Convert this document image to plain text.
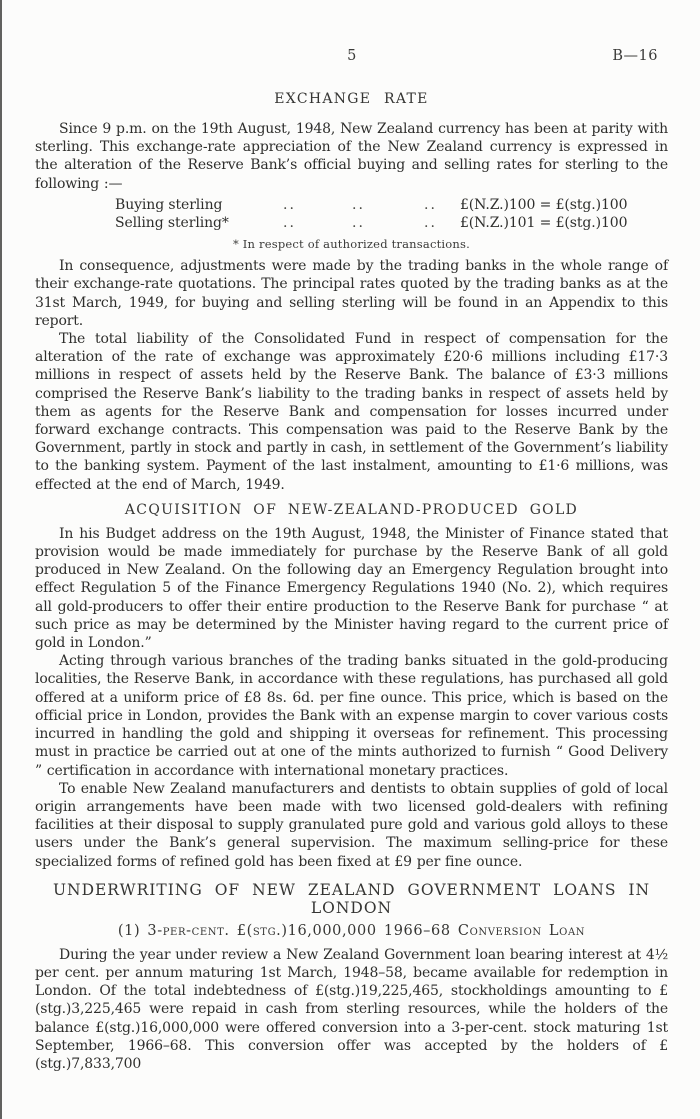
5	B—16
EXCHANGE RATE

Since 9 p.m. on the 19th August, 1948, New Zealand currency has been at parity with sterling. This exchange-rate appreciation of the New Zealand currency is expressed in the alteration of the Reserve Bank’s official buying and selling rates for sterling to the following :—

Buying sterling	..	..	..	£(N.Z.)100 = £(stg.)100
Selling sterling*	..	..	..	£(N.Z.)101 = £(stg.)100
* In respect of authorized transactions.

In consequence, adjustments were made by the trading banks in the whole range of their exchange-rate quotations. The principal rates quoted by the trading banks as at the 31st March, 1949, for buying and selling sterling will be found in an Appendix to this report.

The total liability of the Consolidated Fund in respect of compensation for the alteration of the rate of exchange was approximately £20·6 millions including £17·3 millions in respect of assets held by the Reserve Bank. The balance of £3·3 millions comprised the Reserve Bank’s liability to the trading banks in respect of assets held by them as agents for the Reserve Bank and compensation for losses incurred under forward exchange contracts. This compensation was paid to the Reserve Bank by the Government, partly in stock and partly in cash, in settlement of the Government’s liability to the banking system. Payment of the last instalment, amounting to £1·6 millions, was effected at the end of March, 1949.

ACQUISITION OF NEW-ZEALAND-PRODUCED GOLD

In his Budget address on the 19th August, 1948, the Minister of Finance stated that provision would be made immediately for purchase by the Reserve Bank of all gold produced in New Zealand. On the following day an Emergency Regulation brought into effect Regulation 5 of the Finance Emergency Regulations 1940 (No. 2), which requires all gold-producers to offer their entire production to the Reserve Bank for purchase “ at such price as may be determined by the Minister having regard to the current price of gold in London.”

Acting through various branches of the trading banks situated in the gold-producing localities, the Reserve Bank, in accordance with these regulations, has purchased all gold offered at a uniform price of £8 8s. 6d. per fine ounce. This price, which is based on the official price in London, provides the Bank with an expense margin to cover various costs incurred in handling the gold and shipping it overseas for refinement. This processing must in practice be carried out at one of the mints authorized to furnish “ Good Delivery ” certification in accordance with international monetary practices.

To enable New Zealand manufacturers and dentists to obtain supplies of gold of local origin arrangements have been made with two licensed gold-dealers with refining facilities at their disposal to supply granulated pure gold and various gold alloys to these users under the Bank’s general supervision. The maximum selling-price for these specialized forms of refined gold has been fixed at £9 per fine ounce.

UNDERWRITING OF NEW ZEALAND GOVERNMENT LOANS IN LONDON
(1) 3-per-cent. £(stg.)16,000,000 1966–68 Conversion Loan

During the year under review a New Zealand Government loan bearing interest at 4½ per cent. per annum maturing 1st March, 1948–58, became available for redemption in London. Of the total indebtedness of £(stg.)19,225,465, stockholdings amounting to £(stg.)3,225,465 were repaid in cash from sterling resources, while the holders of the balance £(stg.)16,000,000 were offered conversion into a 3-per-cent. stock maturing 1st September, 1966–68. This conversion offer was accepted by the holders of £(stg.)7,833,700
